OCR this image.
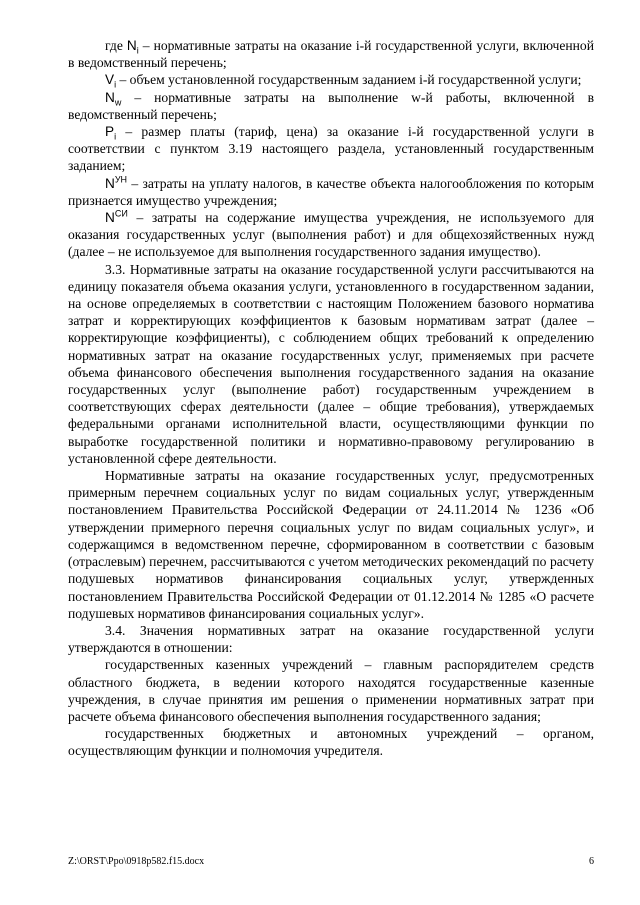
где $N_i$ – нормативные затраты на оказание i-й государственной услуги, включенной в ведомственный перечень;

$V_i$ – объем установленной государственным заданием i-й государственной услуги;

$N_w$ – нормативные затраты на выполнение w-й работы, включенной в ведомственный перечень;

$P_i$ – размер платы (тариф, цена) за оказание i-й государственной услуги в соответствии с пунктом 3.19 настоящего раздела, установленный государственным заданием;

$N^{УН}$ – затраты на уплату налогов, в качестве объекта налогообложения по которым признается имущество учреждения;

$N^{СИ}$ – затраты на содержание имущества учреждения, не используемого для оказания государственных услуг (выполнения работ) и для общехозяйственных нужд (далее – не используемое для выполнения государственного задания имущество).

3.3. Нормативные затраты на оказание государственной услуги рассчитываются на единицу показателя объема оказания услуги, установленного в государственном задании, на основе определяемых в соответствии с настоящим Положением базового норматива затрат и корректирующих коэффициентов к базовым нормативам затрат (далее – корректирующие коэффициенты), с соблюдением общих требований к определению нормативных затрат на оказание государственных услуг, применяемых при расчете объема финансового обеспечения выполнения государственного задания на оказание государственных услуг (выполнение работ) государственным учреждением в соответствующих сферах деятельности (далее – общие требования), утверждаемых федеральными органами исполнительной власти, осуществляющими функции по выработке государственной политики и нормативно-правовому регулированию в установленной сфере деятельности.

Нормативные затраты на оказание государственных услуг, предусмотренных примерным перечнем социальных услуг по видам социальных услуг, утвержденным постановлением Правительства Российской Федерации от 24.11.2014 № 1236 «Об утверждении примерного перечня социальных услуг по видам социальных услуг», и содержащимся в ведомственном перечне, сформированном в соответствии с базовым (отраслевым) перечнем, рассчитываются с учетом методических рекомендаций по расчету подушевых нормативов финансирования социальных услуг, утвержденных постановлением Правительства Российской Федерации от 01.12.2014 № 1285 «О расчете подушевых нормативов финансирования социальных услуг».

3.4. Значения нормативных затрат на оказание государственной услуги утверждаются в отношении:

государственных казенных учреждений – главным распорядителем средств областного бюджета, в ведении которого находятся государственные казенные учреждения, в случае принятия им решения о применении нормативных затрат при расчете объема финансового обеспечения выполнения государственного задания;

государственных бюджетных и автономных учреждений – органом, осуществляющим функции и полномочия учредителя.

Z:\ORST\Ppo\0918p582.f15.docx	6
